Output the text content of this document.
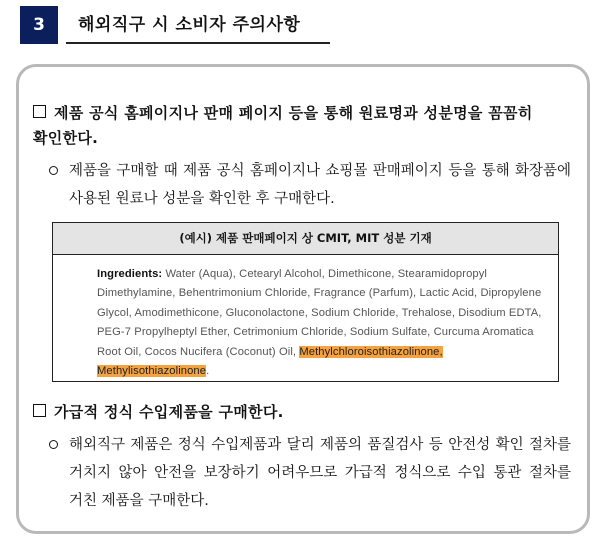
3	해외직구 시 소비자 주의사항
제품 공식 홈페이지나 판매 페이지 등을 통해 원료명과 성분명을 꼼꼼히 확인한다.
제품을 구매할 때 제품 공식 홈페이지나 쇼핑몰 판매페이지 등을 통해 화장품에 사용된 원료나 성분을 확인한 후 구매한다.
(예시) 제품 판매페이지 상 CMIT, MIT 성분 기재
Ingredients: Water (Aqua), Cetearyl Alcohol, Dimethicone, Stearamidopropyl Dimethylamine, Behentrimonium Chloride, Fragrance (Parfum), Lactic Acid, Dipropylene Glycol, Amodimethicone, Gluconolactone, Sodium Chloride, Trehalose, Disodium EDTA, PEG-7 Propylheptyl Ether, Cetrimonium Chloride, Sodium Sulfate, Curcuma Aromatica Root Oil, Cocos Nucifera (Coconut) Oil, Methylchloroisothiazolinone, Methylisothiazolinone.
가급적 정식 수입제품을 구매한다.
해외직구 제품은 정식 수입제품과 달리 제품의 품질검사 등 안전성 확인 절차를 거치지 않아 안전을 보장하기 어려우므로 가급적 정식으로 수입 통관 절차를 거친 제품을 구매한다.
